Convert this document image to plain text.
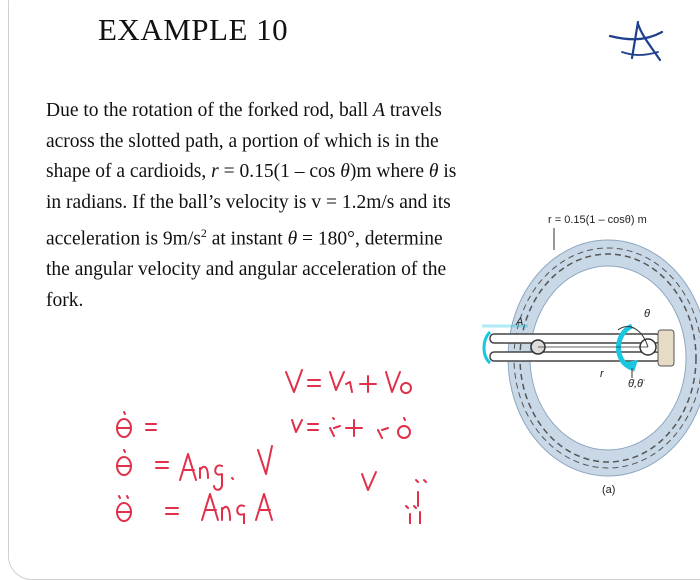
EXAMPLE 10

Due to the rotation of the forked rod, ball A travels across the slotted path, a portion of which is in the shape of a cardioids, r = 0.15(1 – cos θ)m where θ is in radians. If the ball’s velocity is v = 1.2m/s and its acceleration is $9m/s^2$ at instant θ = 180°, determine the angular velocity and angular acceleration of the fork.

r = 0.15(1 – cosθ) m
A
θ
r
θ̇,θ̈
(a)
